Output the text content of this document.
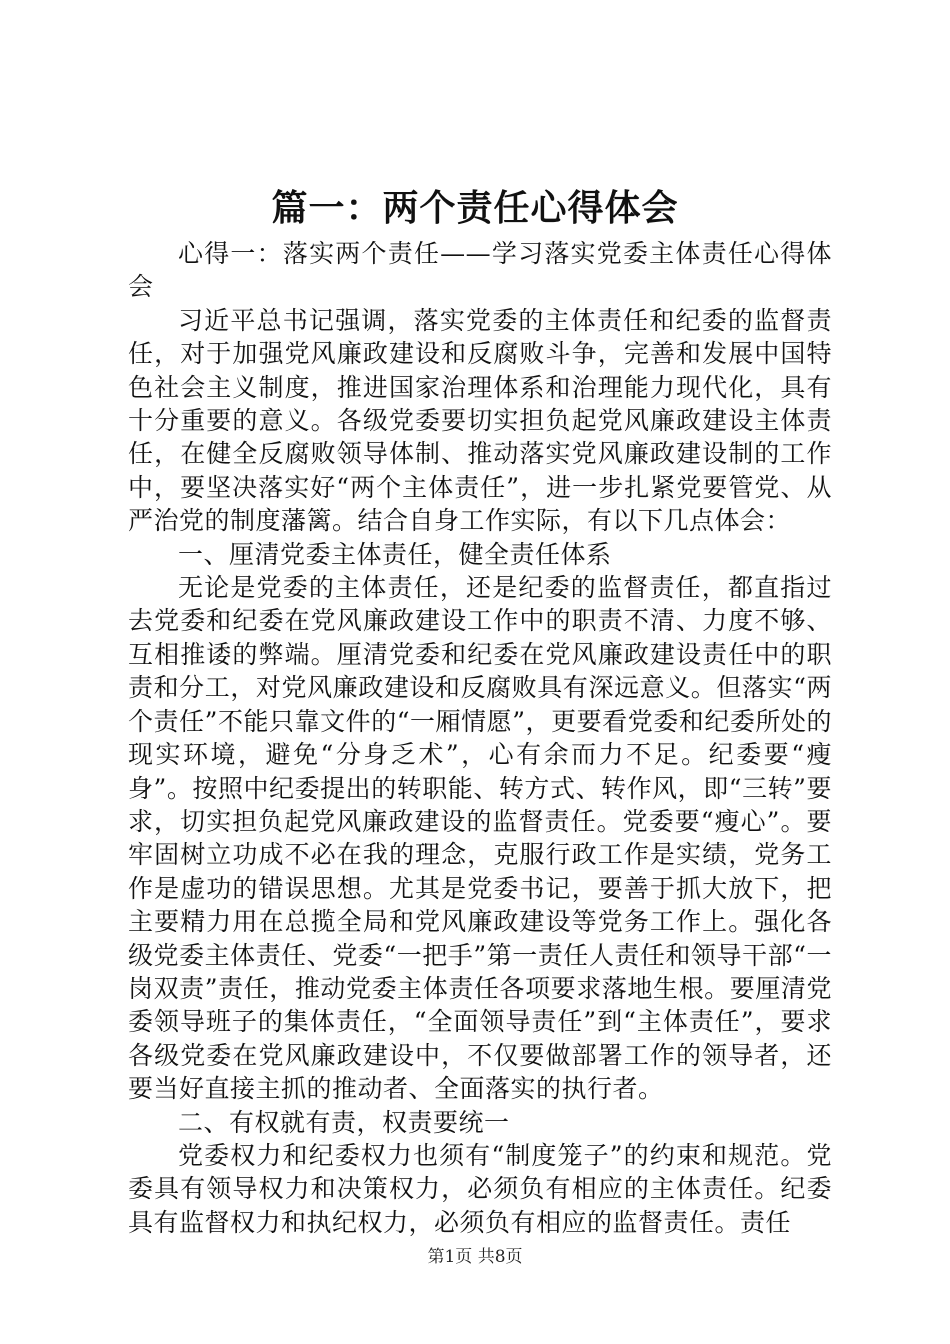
篇一：两个责任心得体会

心得一：落实两个责任——学习落实党委主体责任心得体会

习近平总书记强调，落实党委的主体责任和纪委的监督责任，对于加强党风廉政建设和反腐败斗争，完善和发展中国特色社会主义制度，推进国家治理体系和治理能力现代化，具有十分重要的意义。各级党委要切实担负起党风廉政建设主体责任，在健全反腐败领导体制、推动落实党风廉政建设制的工作中，要坚决落实好“两个主体责任”，进一步扎紧党要管党、从严治党的制度藩篱。结合自身工作实际，有以下几点体会：

一、厘清党委主体责任，健全责任体系

无论是党委的主体责任，还是纪委的监督责任，都直指过去党委和纪委在党风廉政建设工作中的职责不清、力度不够、互相推诿的弊端。厘清党委和纪委在党风廉政建设责任中的职责和分工，对党风廉政建设和反腐败具有深远意义。但落实“两个责任”不能只靠文件的“一厢情愿”，更要看党委和纪委所处的现实环境，避免“分身乏术”，心有余而力不足。纪委要“瘦身”。按照中纪委提出的转职能、转方式、转作风，即“三转”要求，切实担负起党风廉政建设的监督责任。党委要“瘦心”。要牢固树立功成不必在我的理念，克服行政工作是实绩，党务工作是虚功的错误思想。尤其是党委书记，要善于抓大放下，把主要精力用在总揽全局和党风廉政建设等党务工作上。强化各级党委主体责任、党委“一把手”第一责任人责任和领导干部“一岗双责”责任，推动党委主体责任各项要求落地生根。要厘清党委领导班子的集体责任，“全面领导责任”到“主体责任”，要求各级党委在党风廉政建设中，不仅要做部署工作的领导者，还要当好直接主抓的推动者、全面落实的执行者。

二、有权就有责，权责要统一

党委权力和纪委权力也须有“制度笼子”的约束和规范。党委具有领导权力和决策权力，必须负有相应的主体责任。纪委具有监督权力和执纪权力，必须负有相应的监督责任。责任

第1页 共8页
